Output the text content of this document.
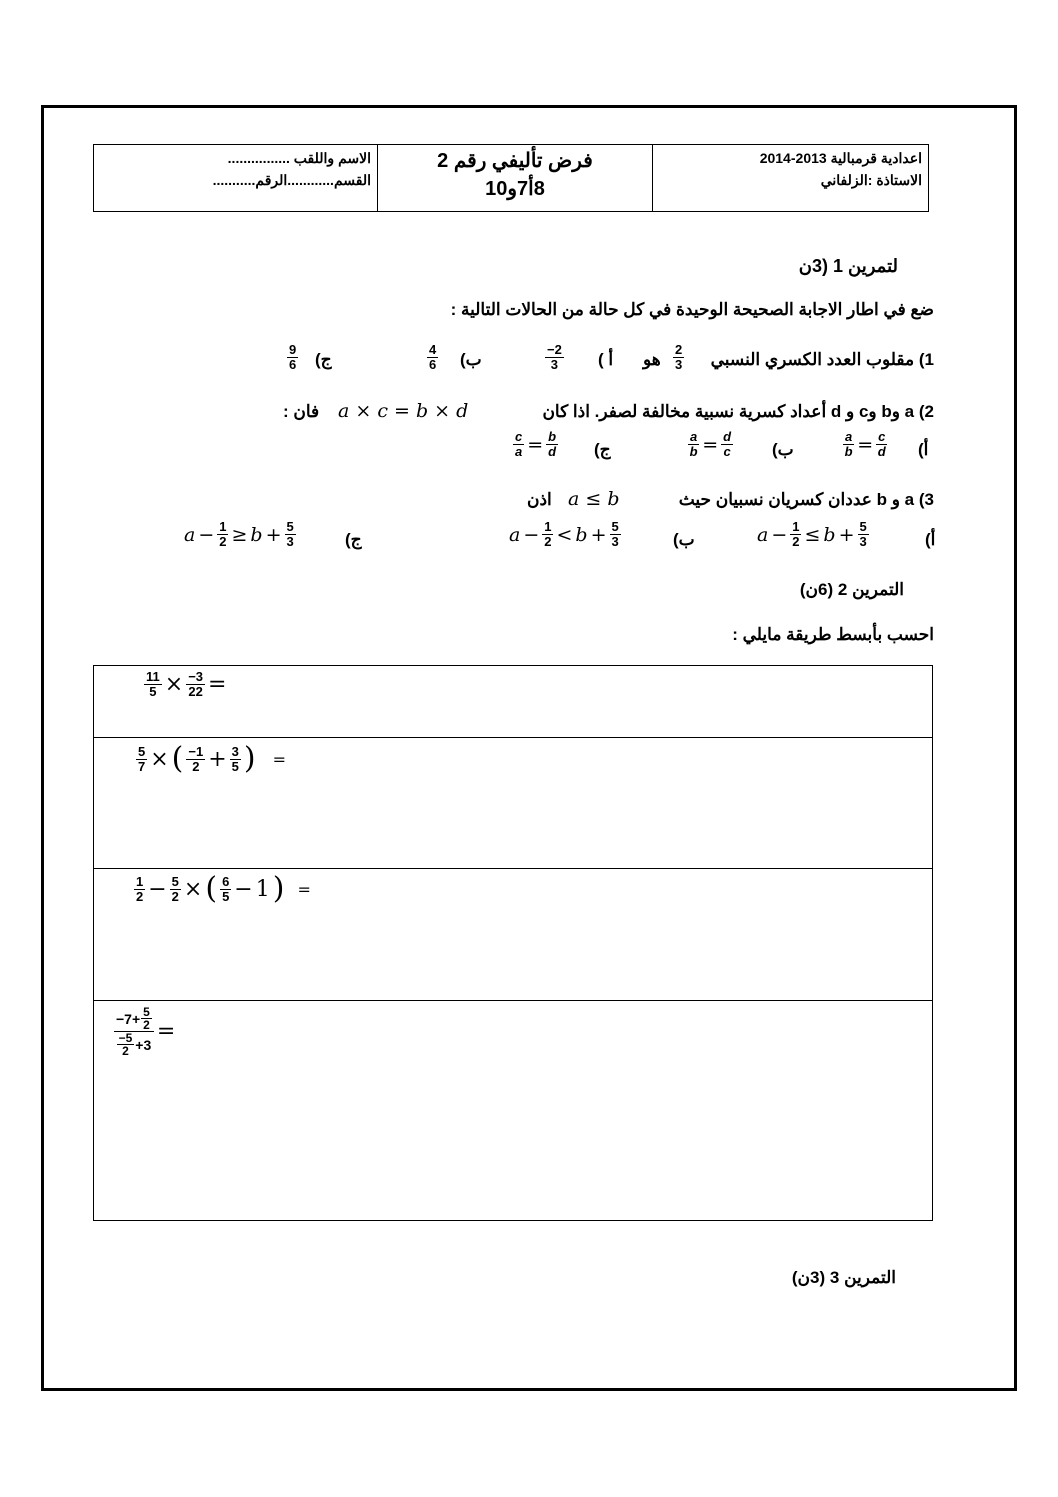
الاسم واللقب ................
القسم............الرقم...........
فرض تأليفي رقم 2
8أ7و10
اعدادية قرمبالية 2013-2014
الاستاذة :الزلفاني
لتمرين 1 (3ن
ضع في اطار الاجابة الصحيحة الوحيدة في كل حالة من الحالات التالية :
1) مقلوب العدد الكسري النسبي
$\frac{2}{3}$
هو
أ )
$\frac{-2}{3}$
ب)
$\frac{4}{6}$
ج)
$\frac{9}{6}$
2) a وb وc و d أعداد كسرية نسبية مخالفة لصفر. اذا كان
a × c = b × d
فان :
أ)
$\frac{a}{b} = \frac{c}{d}$
ب)
$\frac{a}{b} = \frac{d}{c}$
ج)
$\frac{c}{a} = \frac{b}{d}$
3) a و b عددان كسريان نسبيان حيث
a ≤ b
اذن
أ)
$a - \frac{1}{2} \le b + \frac{5}{3}$
ب)
$a - \frac{1}{2} < b + \frac{5}{3}$
ج)
$a - \frac{1}{2} \ge b + \frac{5}{3}$
التمرين 2 (6ن)
احسب بأبسط طريقة مايلي :
$\frac{11}{5} \times \frac{-3}{22}$ =
$\frac{5}{7}$ × ( $\frac{-1}{2} + \frac{3}{5}$ ) =
$\frac{1}{2} - \frac{5}{2}$ × ( $\frac{6}{5} - 1$ ) =
$\frac{-7+ \frac{5}{2}}{\frac{-5}{2} +3}$ =
التمرين 3 (3ن)
